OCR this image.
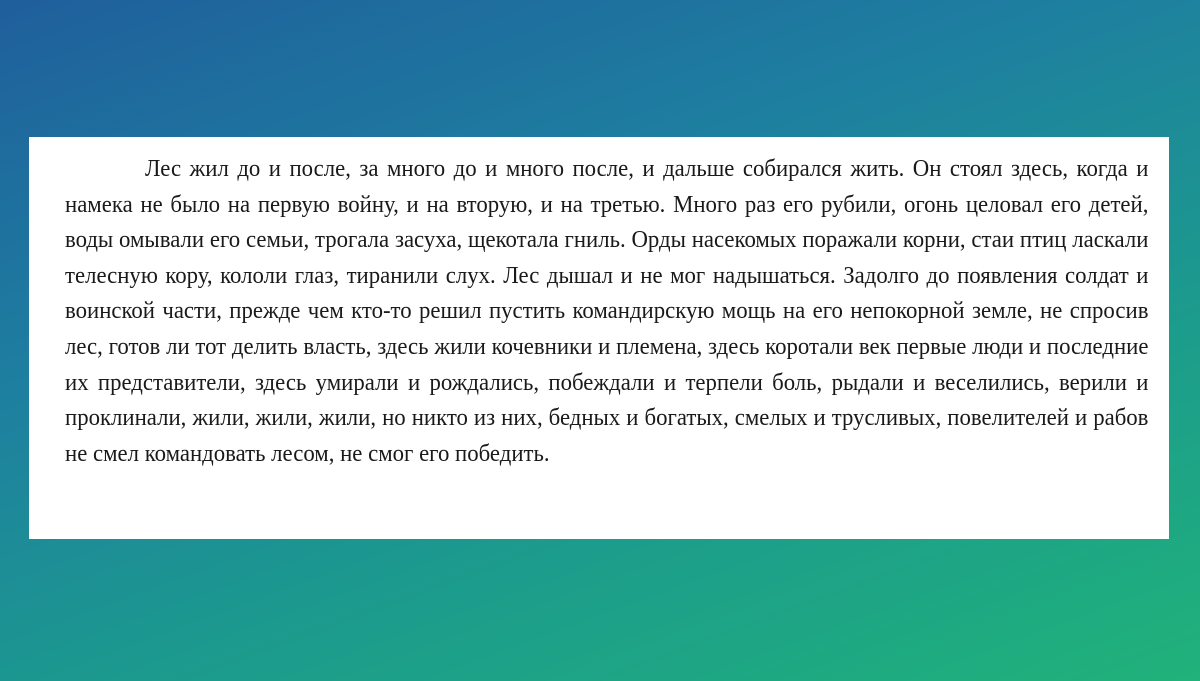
Лес жил до и после, за много до и много после, и дальше собирался жить. Он стоял здесь, когда и намека не было на первую войну, и на вторую, и на третью. Много раз его рубили, огонь целовал его детей, воды омывали его семьи, трогала засуха, щекотала гниль. Орды насекомых поражали корни, стаи птиц ласкали телесную кору, кололи глаз, тиранили слух. Лес дышал и не мог надышаться. Задолго до появления солдат и воинской части, прежде чем кто-то решил пустить командирскую мощь на его непокорной земле, не спросив лес, готов ли тот делить власть, здесь жили кочевники и племена, здесь коротали век первые люди и последние их представители, здесь умирали и рождались, побеждали и терпели боль, рыдали и веселились, верили и проклинали, жили, жили, жили, но никто из них, бедных и богатых, смелых и трусливых, повелителей и рабов не смел командовать лесом, не смог его победить.
